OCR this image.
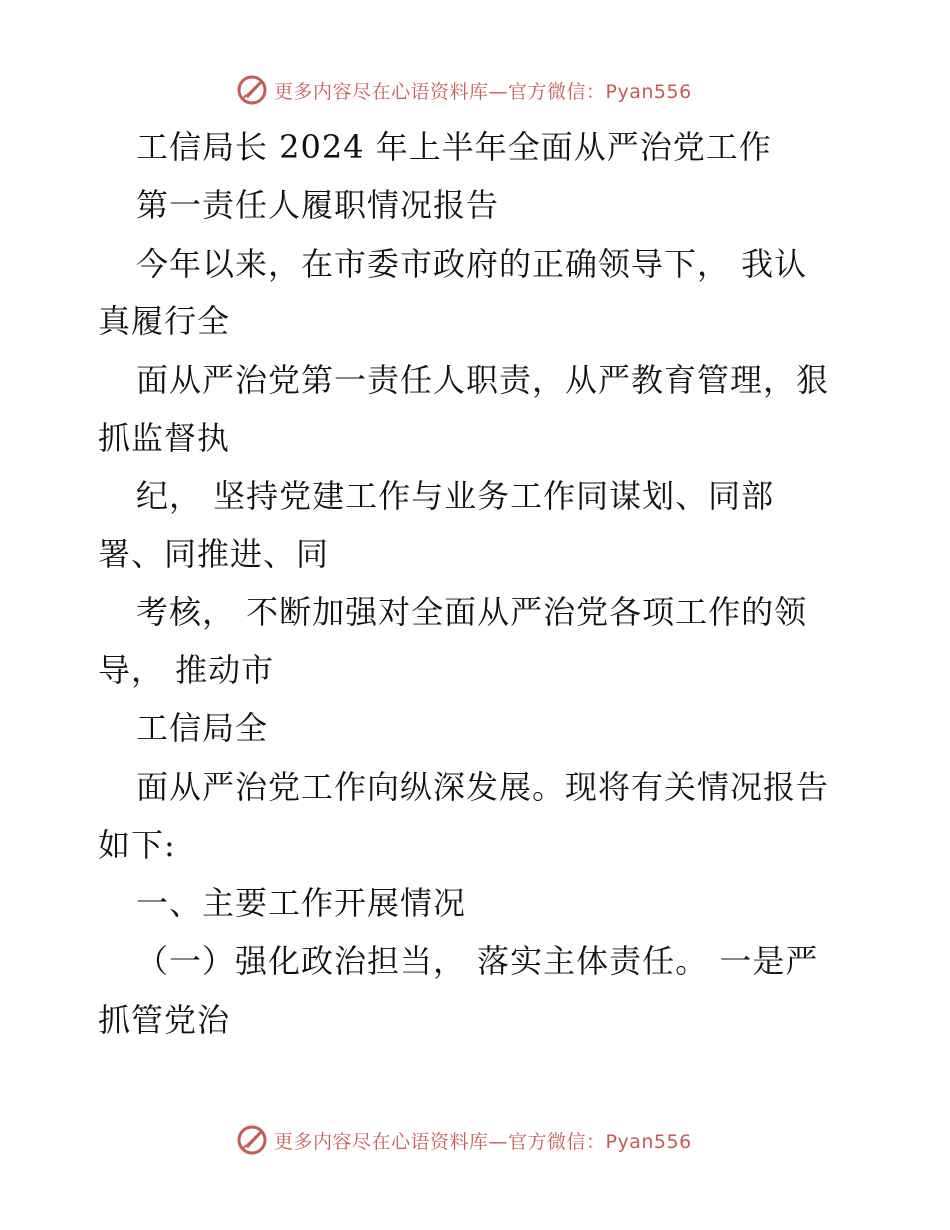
更多内容尽在心语资料库—官方微信：Pyan556
工信局长 2024 年上半年全面从严治党工作
第一责任人履职情况报告
今年以来，在市委市政府的正确领导下， 我认
真履行全
面从严治党第一责任人职责，从严教育管理，狠
抓监督执
纪， 坚持党建工作与业务工作同谋划、同部
署、同推进、同
考核， 不断加强对全面从严治党各项工作的领
导， 推动市
工信局全
面从严治党工作向纵深发展。现将有关情况报告
如下:
一、主要工作开展情况
（一）强化政治担当， 落实主体责任。 一是严
抓管党治
更多内容尽在心语资料库—官方微信：Pyan556
